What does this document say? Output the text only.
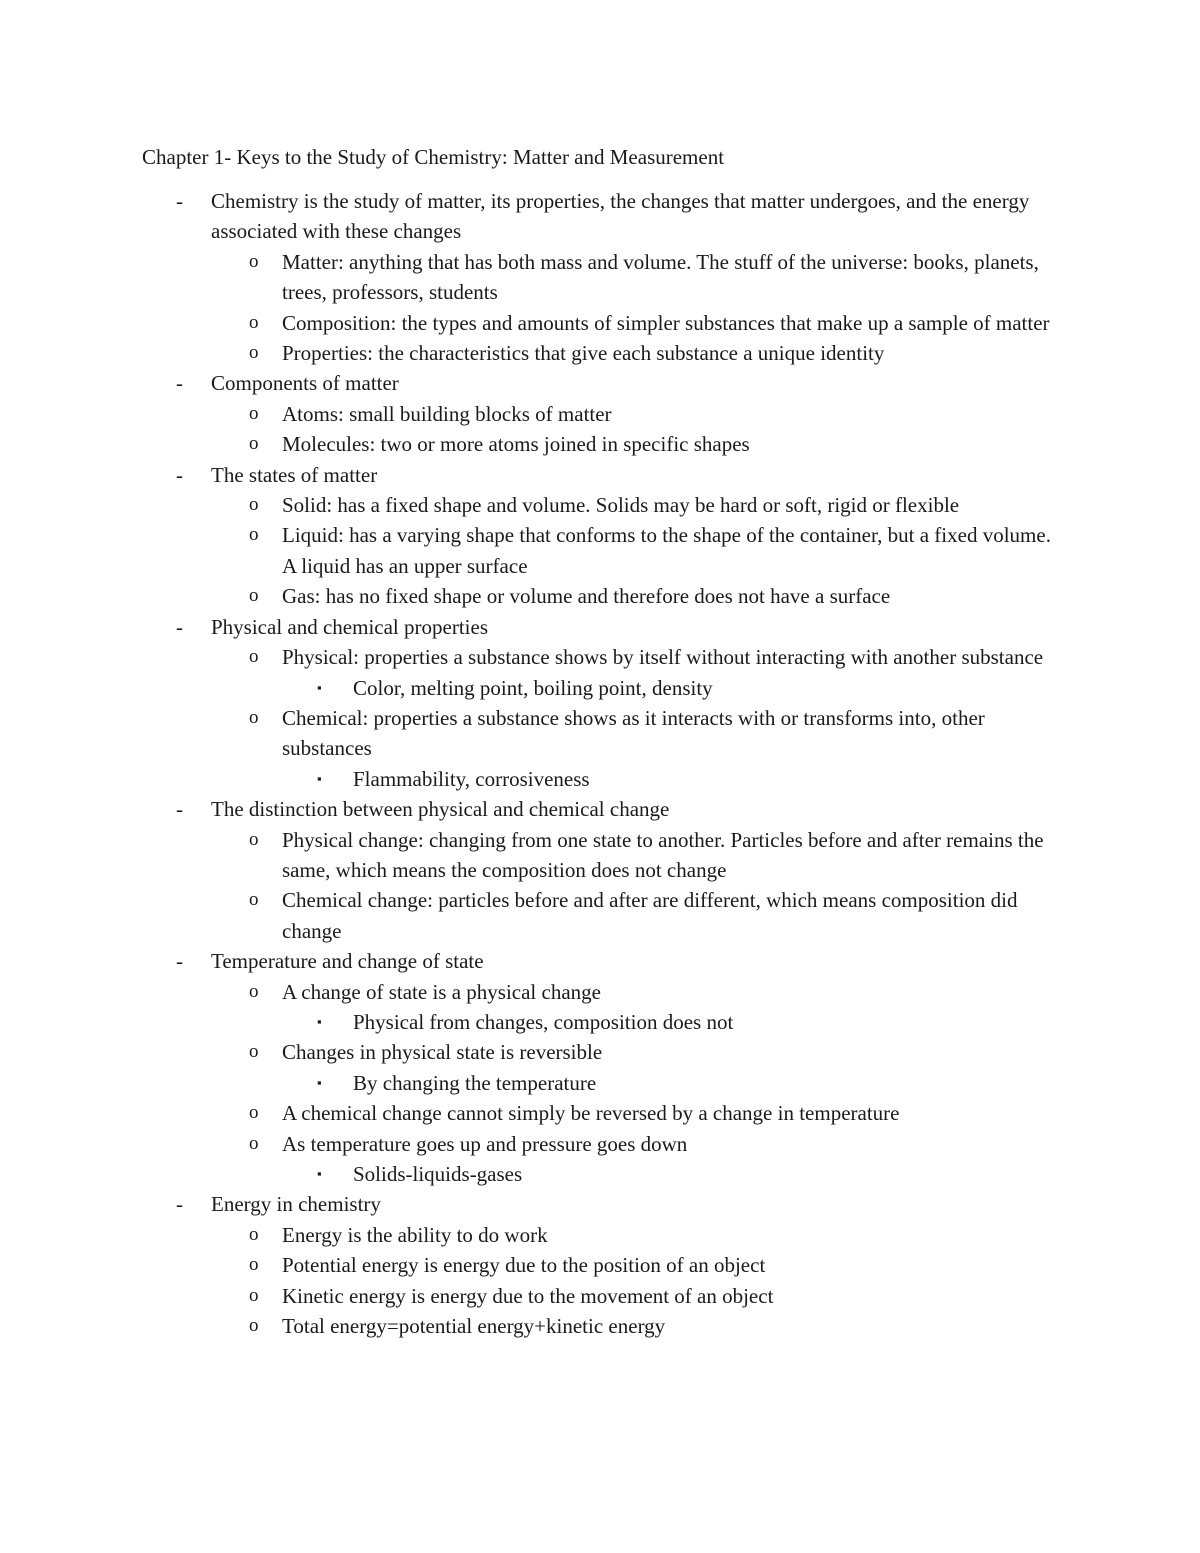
Chapter 1- Keys to the Study of Chemistry: Matter and Measurement
- Chemistry is the study of matter, its properties, the changes that matter undergoes, and the energy associated with these changes
o Matter: anything that has both mass and volume. The stuff of the universe: books, planets, trees, professors, students
o Composition: the types and amounts of simpler substances that make up a sample of matter
o Properties: the characteristics that give each substance a unique identity
- Components of matter
o Atoms: small building blocks of matter
o Molecules: two or more atoms joined in specific shapes
- The states of matter
o Solid: has a fixed shape and volume. Solids may be hard or soft, rigid or flexible
o Liquid: has a varying shape that conforms to the shape of the container, but a fixed volume. A liquid has an upper surface
o Gas: has no fixed shape or volume and therefore does not have a surface
- Physical and chemical properties
o Physical: properties a substance shows by itself without interacting with another substance
▪ Color, melting point, boiling point, density
o Chemical: properties a substance shows as it interacts with or transforms into, other substances
▪ Flammability, corrosiveness
- The distinction between physical and chemical change
o Physical change: changing from one state to another. Particles before and after remains the same, which means the composition does not change
o Chemical change: particles before and after are different, which means composition did change
- Temperature and change of state
o A change of state is a physical change
▪ Physical from changes, composition does not
o Changes in physical state is reversible
▪ By changing the temperature
o A chemical change cannot simply be reversed by a change in temperature
o As temperature goes up and pressure goes down
▪ Solids-liquids-gases
- Energy in chemistry
o Energy is the ability to do work
o Potential energy is energy due to the position of an object
o Kinetic energy is energy due to the movement of an object
o Total energy=potential energy+kinetic energy
